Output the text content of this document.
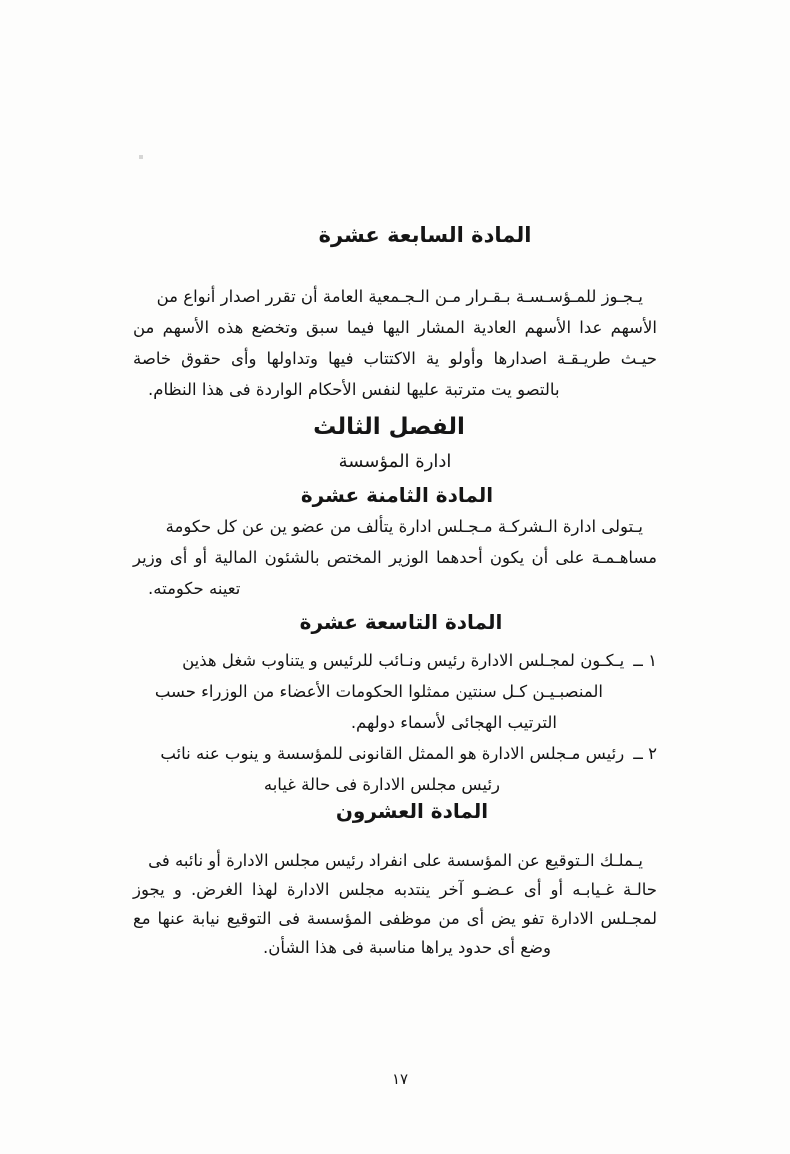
المادة السابعة عشرة
يـجـوز للمـؤسـسـة بـقـرار مـن الـجـمعية العامة أن تقرر اصدار أنواع من
الأسهم عدا الأسهم العادية المشار اليها فيما سبق وتخضع هذه الأسهم من
حيـث طريـقـة اصدارها وأولو ية الاكتتاب فيها وتداولها وأى حقوق خاصة
بالتصو يت مترتبة عليها لنفس الأحكام الواردة فى هذا النظام.
الفصل الثالث
ادارة المؤسسة
المادة الثامنة عشرة
يـتولى ادارة الـشركـة مـجـلس ادارة يتألف من عضو ين عن كل حكومة
مساهـمـة على أن يكون أحدهما الوزير المختص بالشئون المالية أو أى وزير
تعينه حكومته.
المادة التاسعة عشرة
١ ــيـكـون لمجـلس الادارة رئيس ونـائب للرئيس و يتناوب شغل هذين
المنصبـيـن كـل سنتين ممثلوا الحكومات الأعضاء من الوزراء حسب
الترتيب الهجائى لأسماء دولهم.
٢ ــرئيس مـجلس الادارة هو الممثل القانونى للمؤسسة و ينوب عنه نائب
رئيس مجلس الادارة فى حالة غيابه
المادة العشرون
يـملـك الـتوقيع عن المؤسسة على انفراد رئيس مجلس الادارة أو نائبه فى
حالـة غـيابـه أو أى عـضـو آخر ينتدبه مجلس الادارة لهذا الغرض. و يجوز
لمجـلس الادارة تفو يض أى من موظفى المؤسسة فى التوقيع نيابة عنها مع
وضع أى حدود يراها مناسبة فى هذا الشأن.
١٧
